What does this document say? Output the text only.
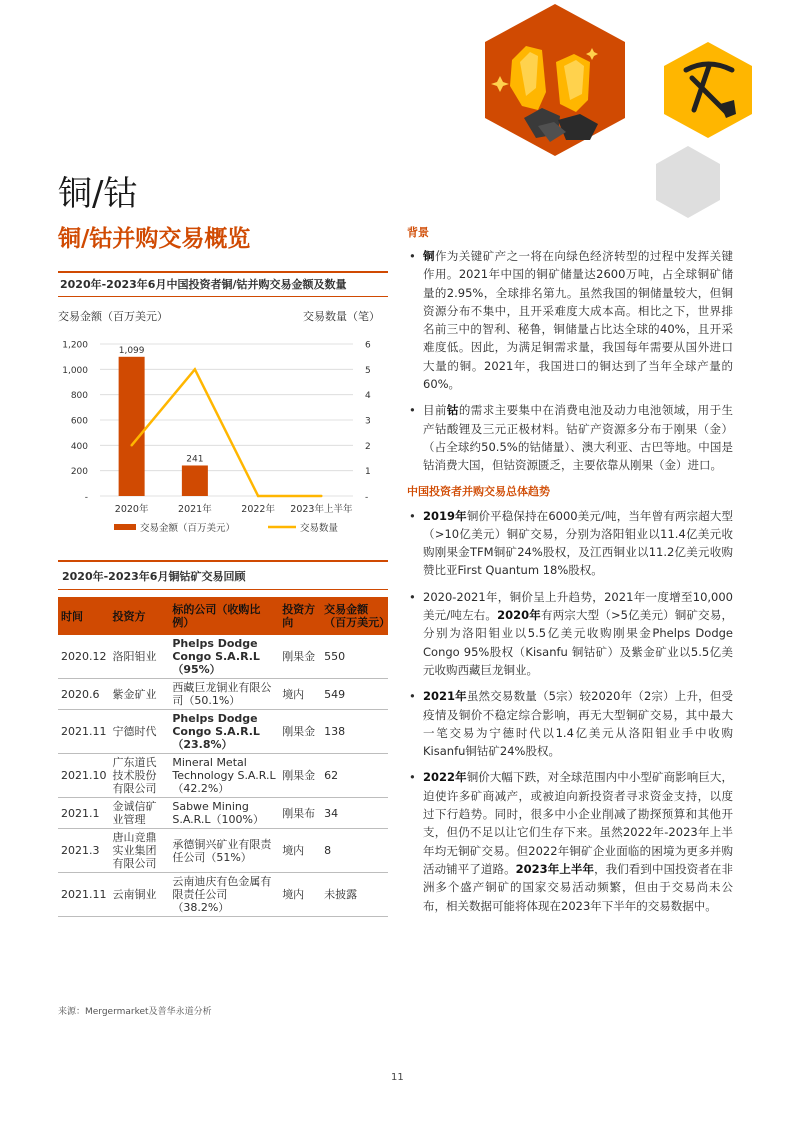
铜/钴
铜/钴并购交易概览
2020年-2023年6月中国投资者铜/钴并购交易金额及数量
交易金额（百万美元）	交易数量（笔）
-
200
400
600
800
1,000
1,200
-
1
2
3
4
5
6
1,099
241
2020年	2021年	2022年 2023年上半年
交易金额（百万美元）	交易数量
2020年-2023年6月铜钴矿交易回顾
时间	投资方	标的公司（收购比例）	投资方向	交易金额（百万美元）
2020.12	洛阳钼业	Phelps Dodge Congo S.A.R.L（95%）	刚果金	550
2020.6	紫金矿业	西藏巨龙铜业有限公司（50.1%）	境内	549
2021.11	宁德时代	Phelps Dodge Congo S.A.R.L（23.8%）	刚果金	138
2021.10	广东道氏技术股份有限公司	Mineral Metal Technology S.A.R.L（42.2%）	刚果金	62
2021.1	金诚信矿业管理	Sabwe Mining S.A.R.L（100%）	刚果布	34
2021.3	唐山竞鼎实业集团有限公司	承德铜兴矿业有限责任公司（51%）	境内	8
2021.11	云南铜业	云南迪庆有色金属有限责任公司（38.2%）	境内	未披露
来源：Mergermarket及普华永道分析
11
背景
• 铜作为关键矿产之一将在向绿色经济转型的过程中发挥关键作用。2021年中国的铜矿储量达2600万吨，占全球铜矿储量的2.95%，全球排名第九。虽然我国的铜储量较大，但铜资源分布不集中，且开采难度大成本高。相比之下，世界排名前三中的智利、秘鲁，铜储量占比达全球的40%，且开采难度低。因此，为满足铜需求量，我国每年需要从国外进口大量的铜。2021年，我国进口的铜达到了当年全球产量的60%。
• 目前钴的需求主要集中在消费电池及动力电池领域，用于生产钴酸锂及三元正极材料。钴矿产资源多分布于刚果（金）（占全球约50.5%的钴储量）、澳大利亚、古巴等地。中国是钴消费大国，但钴资源匮乏，主要依靠从刚果（金）进口。
中国投资者并购交易总体趋势
• 2019年铜价平稳保持在6000美元/吨，当年曾有两宗超大型（>10亿美元）铜矿交易，分别为洛阳钼业以11.4亿美元收购刚果金TFM铜矿24%股权，及江西铜业以11.2亿美元收购赞比亚First Quantum 18%股权。
• 2020-2021年，铜价呈上升趋势，2021年一度增至10,000美元/吨左右。2020年有两宗大型（>5亿美元）铜矿交易，分别为洛阳钼业以5.5亿美元收购刚果金Phelps Dodge Congo 95%股权（Kisanfu 铜钴矿）及紫金矿业以5.5亿美元收购西藏巨龙铜业。
• 2021年虽然交易数量（5宗）较2020年（2宗）上升，但受疫情及铜价不稳定综合影响，再无大型铜矿交易，其中最大一笔交易为宁德时代以1.4亿美元从洛阳钼业手中收购Kisanfu铜钴矿24%股权。
• 2022年铜价大幅下跌，对全球范围内中小型矿商影响巨大，迫使许多矿商减产，或被迫向新投资者寻求资金支持，以度过下行趋势。同时，很多中小企业削减了勘探预算和其他开支，但仍不足以让它们生存下来。虽然2022年-2023年上半年均无铜矿交易。但2022年铜矿企业面临的困境为更多并购活动铺平了道路。2023年上半年，我们看到中国投资者在非洲多个盛产铜矿的国家交易活动频繁，但由于交易尚未公布，相关数据可能将体现在2023年下半年的交易数据中。
